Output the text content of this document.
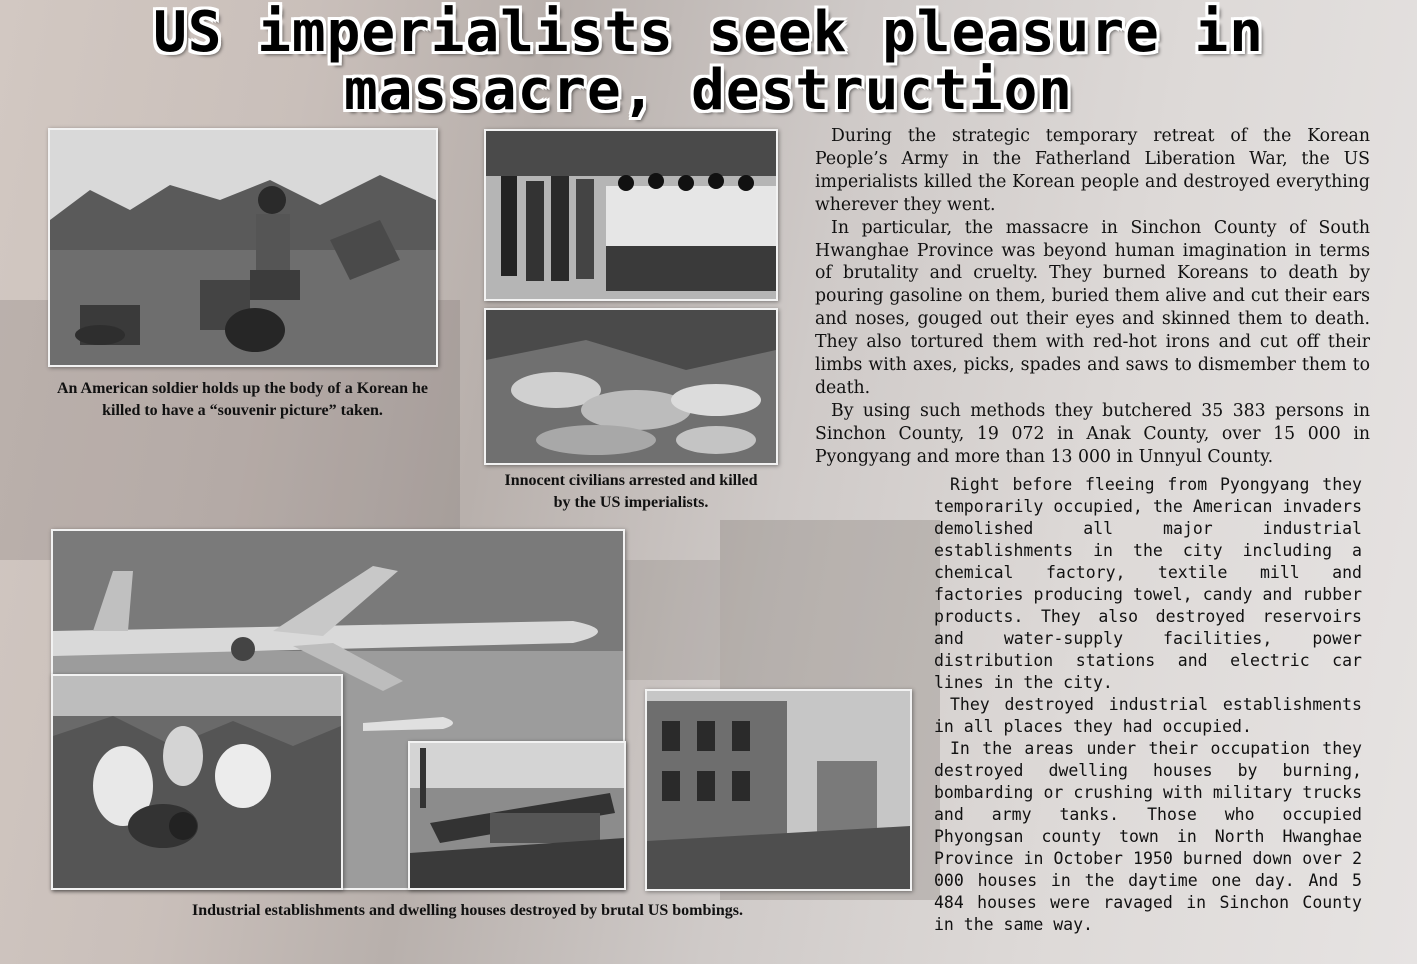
US imperialists seek pleasure in massacre, destruction
An American soldier holds up the body of a Korean he killed to have a “souvenir picture” taken.
Innocent civilians arrested and killed by the US imperialists.
Industrial establishments and dwelling houses destroyed by brutal US bombings.

During the strategic temporary retreat of the Korean People’s Army in the Fatherland Liberation War, the US imperialists killed the Korean people and destroyed everything wherever they went.

In particular, the massacre in Sinchon County of South Hwanghae Province was beyond human imagination in terms of brutality and cruelty. They burned Koreans to death by pouring gasoline on them, buried them alive and cut their ears and noses, gouged out their eyes and skinned them to death. They also tortured them with red-hot irons and cut off their limbs with axes, picks, spades and saws to dismember them to death.

By using such methods they butchered 35 383 persons in Sinchon County, 19 072 in Anak County, over 15 000 in Pyongyang and more than 13 000 in Unnyul County.

Right before fleeing from Pyongyang they temporarily occupied, the American invaders demolished all major industrial establishments in the city including a chemical factory, textile mill and factories producing towel, candy and rubber products. They also destroyed reservoirs and water-supply facilities, power distribution stations and electric car lines in the city.

They destroyed industrial establishments in all places they had occupied.

In the areas under their occupation they destroyed dwelling houses by burning, bombarding or crushing with military trucks and army tanks. Those who occupied Phyongsan county town in North Hwanghae Province in October 1950 burned down over 2 000 houses in the daytime one day. And 5 484 houses were ravaged in Sinchon County in the same way.
